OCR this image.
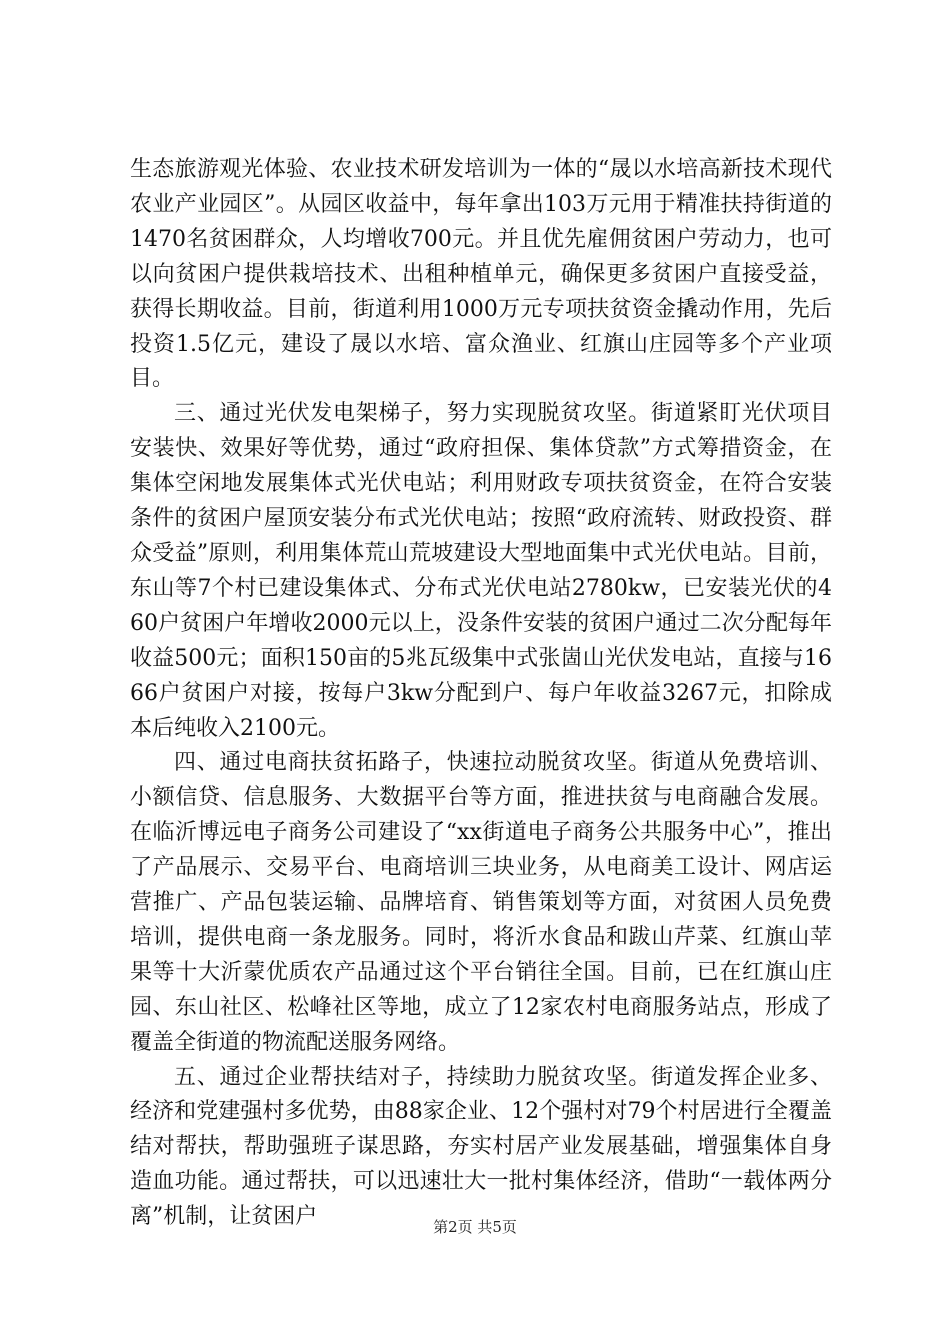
生态旅游观光体验、农业技术研发培训为一体的“晟以水培高新技术现代农业产业园区”。从园区收益中，每年拿出103万元用于精准扶持街道的1470名贫困群众，人均增收700元。并且优先雇佣贫困户劳动力，也可以向贫困户提供栽培技术、出租种植单元，确保更多贫困户直接受益，获得长期收益。目前，街道利用1000万元专项扶贫资金撬动作用，先后投资1.5亿元，建设了晟以水培、富众渔业、红旗山庄园等多个产业项目。

三、通过光伏发电架梯子，努力实现脱贫攻坚。街道紧盯光伏项目安装快、效果好等优势，通过“政府担保、集体贷款”方式筹措资金，在集体空闲地发展集体式光伏电站；利用财政专项扶贫资金，在符合安装条件的贫困户屋顶安装分布式光伏电站；按照“政府流转、财政投资、群众受益”原则，利用集体荒山荒坡建设大型地面集中式光伏电站。目前，东山等7个村已建设集体式、分布式光伏电站2780kw，已安装光伏的460户贫困户年增收2000元以上，没条件安装的贫困户通过二次分配每年收益500元；面积150亩的5兆瓦级集中式张崮山光伏发电站，直接与1666户贫困户对接，按每户3kw分配到户、每户年收益3267元，扣除成本后纯收入2100元。

四、通过电商扶贫拓路子，快速拉动脱贫攻坚。街道从免费培训、小额信贷、信息服务、大数据平台等方面，推进扶贫与电商融合发展。在临沂博远电子商务公司建设了“xx街道电子商务公共服务中心”，推出了产品展示、交易平台、电商培训三块业务，从电商美工设计、网店运营推广、产品包装运输、品牌培育、销售策划等方面，对贫困人员免费培训，提供电商一条龙服务。同时，将沂水食品和跋山芹菜、红旗山苹果等十大沂蒙优质农产品通过这个平台销往全国。目前，已在红旗山庄园、东山社区、松峰社区等地，成立了12家农村电商服务站点，形成了覆盖全街道的物流配送服务网络。

五、通过企业帮扶结对子，持续助力脱贫攻坚。街道发挥企业多、经济和党建强村多优势，由88家企业、12个强村对79个村居进行全覆盖结对帮扶，帮助强班子谋思路，夯实村居产业发展基础，增强集体自身造血功能。通过帮扶，可以迅速壮大一批村集体经济，借助“一载体两分离”机制，让贫困户	第2页 共5页
